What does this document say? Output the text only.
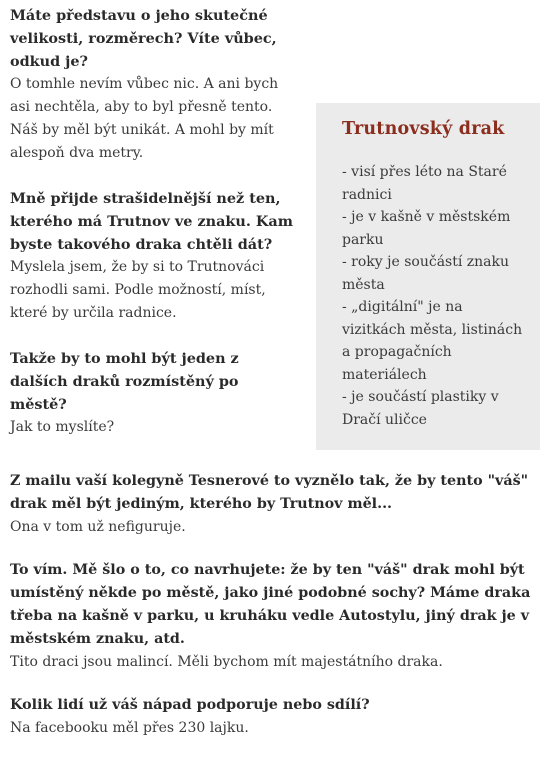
Máte představu o jeho skutečné velikosti, rozměrech? Víte vůbec, odkud je?

O tomhle nevím vůbec nic. A ani bych asi nechtěla, aby to byl přesně tento. Náš by měl být unikát. A mohl by mít alespoň dva metry.

Mně přijde strašidelnější než ten, kterého má Trutnov ve znaku. Kam byste takového draka chtěli dát?

Myslela jsem, že by si to Trutnováci rozhodli sami. Podle možností, míst, které by určila radnice.

Takže by to mohl být jeden z dalších draků rozmístěný po městě?

Jak to myslíte?

Trutnovský drak
- visí přes léto na Staré radnici
- je v kašně v městském parku
- roky je součástí znaku města
- „digitální" je na vizitkách města, listinách a propagačních materiálech
- je součástí plastiky v Dračí uličce

Z mailu vaší kolegyně Tesnerové to vyznělo tak, že by tento "váš" drak měl být jediným, kterého by Trutnov měl...

Ona v tom už nefiguruje.

To vím. Mě šlo o to, co navrhujete: že by ten "váš" drak mohl být umístěný někde po městě, jako jiné podobné sochy? Máme draka třeba na kašně v parku, u kruháku vedle Autostylu, jiný drak je v městském znaku, atd.

Tito draci jsou malincí. Měli bychom mít majestátního draka.

Kolik lidí už váš nápad podporuje nebo sdílí?

Na facebooku měl přes 230 lajku.
